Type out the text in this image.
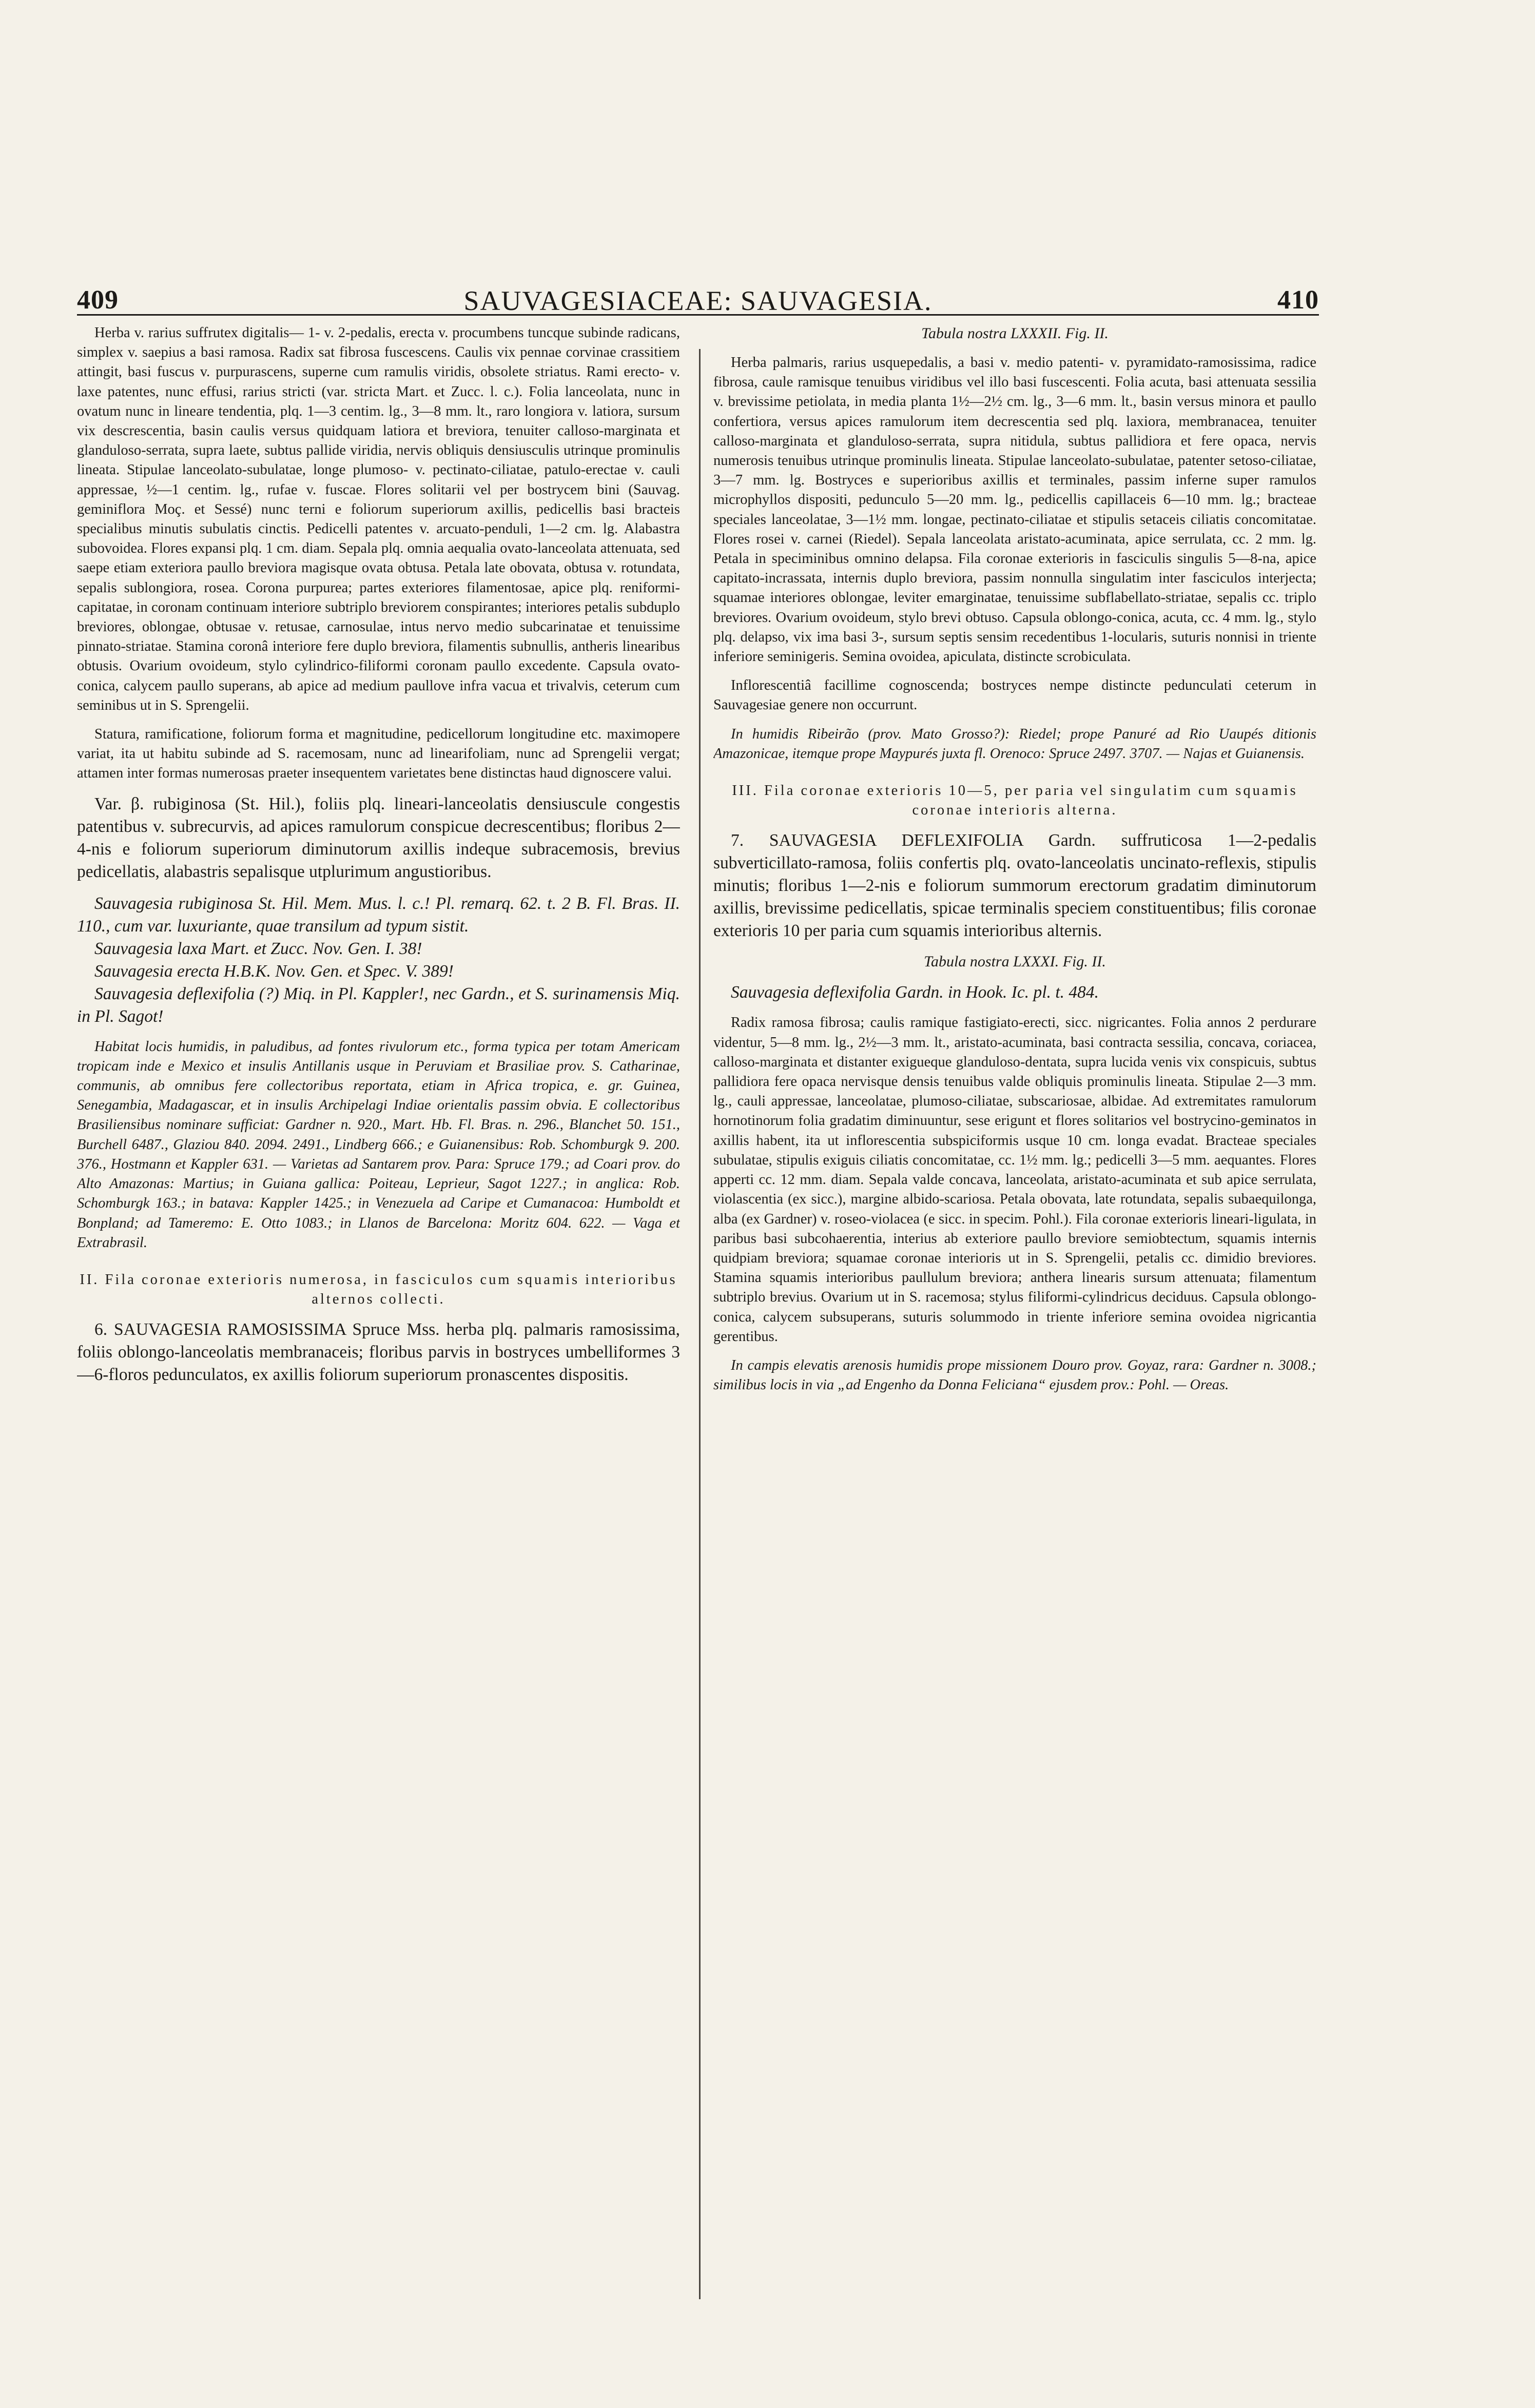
409	SAUVAGESIACEAE: SAUVAGESIA.	410

Herba v. rarius suffrutex digitalis— 1- v. 2-pedalis, erecta v. procumbens tuncque subinde radicans, simplex v. saepius a basi ramosa. Radix sat fibrosa fuscescens. Caulis vix pennae corvinae crassitiem attingit, basi fuscus v. purpurascens, superne cum ramulis viridis, obsolete striatus. Rami erecto- v. laxe patentes, nunc effusi, rarius stricti (var. stricta Mart. et Zucc. l. c.). Folia lanceolata, nunc in ovatum nunc in lineare tendentia, plq. 1—3 centim. lg., 3—8 mm. lt., raro longiora v. latiora, sursum vix descrescentia, basin caulis versus quidquam latiora et breviora, tenuiter calloso-marginata et glanduloso-serrata, supra laete, subtus pallide viridia, nervis obliquis densiusculis utrinque prominulis lineata. Stipulae lanceolato-subulatae, longe plumoso- v. pectinato-ciliatae, patulo-erectae v. cauli appressae, ½—1 centim. lg., rufae v. fuscae. Flores solitarii vel per bostrycem bini (Sauvag. geminiflora Moç. et Sessé) nunc terni e foliorum superiorum axillis, pedicellis basi bracteis specialibus minutis subulatis cinctis. Pedicelli patentes v. arcuato-penduli, 1—2 cm. lg. Alabastra subovoidea. Flores expansi plq. 1 cm. diam. Sepala plq. omnia aequalia ovato-lanceolata attenuata, sed saepe etiam exteriora paullo breviora magisque ovata obtusa. Petala late obovata, obtusa v. rotundata, sepalis sublongiora, rosea. Corona purpurea; partes exteriores filamentosae, apice plq. reniformi-capitatae, in coronam continuam interiore subtriplo breviorem conspirantes; interiores petalis subduplo breviores, oblongae, obtusae v. retusae, carnosulae, intus nervo medio subcarinatae et tenuissime pinnato-striatae. Stamina coronâ interiore fere duplo breviora, filamentis subnullis, antheris linearibus obtusis. Ovarium ovoideum, stylo cylindrico-filiformi coronam paullo excedente. Capsula ovato-conica, calycem paullo superans, ab apice ad medium paullove infra vacua et trivalvis, ceterum cum seminibus ut in S. Sprengelii.

Statura, ramificatione, foliorum forma et magnitudine, pedicellorum longitudine etc. maximopere variat, ita ut habitu subinde ad S. racemosam, nunc ad linearifoliam, nunc ad Sprengelii vergat; attamen inter formas numerosas praeter insequentem varietates bene distinctas haud dignoscere valui.

Var. β. rubiginosa (St. Hil.), foliis plq. lineari-lanceolatis densiuscule congestis patentibus v. subrecurvis, ad apices ramulorum conspicue decrescentibus; floribus 2—4-nis e foliorum superiorum diminutorum axillis indeque subracemosis, brevius pedicellatis, alabastris sepalisque utplurimum angustioribus.

Sauvagesia rubiginosa St. Hil. Mem. Mus. l. c.! Pl. remarq. 62. t. 2 B. Fl. Bras. II. 110., cum var. luxuriante, quae transilum ad typum sistit.

Sauvagesia laxa Mart. et Zucc. Nov. Gen. I. 38!

Sauvagesia erecta H.B.K. Nov. Gen. et Spec. V. 389!

Sauvagesia deflexifolia (?) Miq. in Pl. Kappler!, nec Gardn., et S. surinamensis Miq. in Pl. Sagot!

Habitat locis humidis, in paludibus, ad fontes rivulorum etc., forma typica per totam Americam tropicam inde e Mexico et insulis Antillanis usque in Peruviam et Brasiliae prov. S. Catharinae, communis, ab omnibus fere collectoribus reportata, etiam in Africa tropica, e. gr. Guinea, Senegambia, Madagascar, et in insulis Archipelagi Indiae orientalis passim obvia. E collectoribus Brasiliensibus nominare sufficiat: Gardner n. 920., Mart. Hb. Fl. Bras. n. 296., Blanchet 50. 151., Burchell 6487., Glaziou 840. 2094. 2491., Lindberg 666.; e Guianensibus: Rob. Schomburgk 9. 200. 376., Hostmann et Kappler 631. — Varietas ad Santarem prov. Para: Spruce 179.; ad Coari prov. do Alto Amazonas: Martius; in Guiana gallica: Poiteau, Leprieur, Sagot 1227.; in anglica: Rob. Schomburgk 163.; in batava: Kappler 1425.; in Venezuela ad Caripe et Cumanacoa: Humboldt et Bonpland; ad Tameremo: E. Otto 1083.; in Llanos de Barcelona: Moritz 604. 622. — Vaga et Extrabrasil.

II. Fila coronae exterioris numerosa, in fasciculos cum squamis interioribus alternos collecti.

6. SAUVAGESIA RAMOSISSIMA Spruce Mss. herba plq. palmaris ramosissima, foliis oblongo-lanceolatis membranaceis; floribus parvis in bostryces umbelliformes 3—6-floros pedunculatos, ex axillis foliorum superiorum pronascentes dispositis.

Tabula nostra LXXXII. Fig. II.

Herba palmaris, rarius usquepedalis, a basi v. medio patenti- v. pyramidato-ramosissima, radice fibrosa, caule ramisque tenuibus viridibus vel illo basi fuscescenti. Folia acuta, basi attenuata sessilia v. brevissime petiolata, in media planta 1½—2½ cm. lg., 3—6 mm. lt., basin versus minora et paullo confertiora, versus apices ramulorum item decrescentia sed plq. laxiora, membranacea, tenuiter calloso-marginata et glanduloso-serrata, supra nitidula, subtus pallidiora et fere opaca, nervis numerosis tenuibus utrinque prominulis lineata. Stipulae lanceolato-subulatae, patenter setoso-ciliatae, 3—7 mm. lg. Bostryces e superioribus axillis et terminales, passim inferne super ramulos microphyllos dispositi, pedunculo 5—20 mm. lg., pedicellis capillaceis 6—10 mm. lg.; bracteae speciales lanceolatae, 3—1½ mm. longae, pectinato-ciliatae et stipulis setaceis ciliatis concomitatae. Flores rosei v. carnei (Riedel). Sepala lanceolata aristato-acuminata, apice serrulata, cc. 2 mm. lg. Petala in speciminibus omnino delapsa. Fila coronae exterioris in fasciculis singulis 5—8-na, apice capitato-incrassata, internis duplo breviora, passim nonnulla singulatim inter fasciculos interjecta; squamae interiores oblongae, leviter emarginatae, tenuissime subflabellato-striatae, sepalis cc. triplo breviores. Ovarium ovoideum, stylo brevi obtuso. Capsula oblongo-conica, acuta, cc. 4 mm. lg., stylo plq. delapso, vix ima basi 3-, sursum septis sensim recedentibus 1-locularis, suturis nonnisi in triente inferiore seminigeris. Semina ovoidea, apiculata, distincte scrobiculata.

Inflorescentiâ facillime cognoscenda; bostryces nempe distincte pedunculati ceterum in Sauvagesiae genere non occurrunt.

In humidis Ribeirão (prov. Mato Grosso?): Riedel; prope Panuré ad Rio Uaupés ditionis Amazonicae, itemque prope Maypurés juxta fl. Orenoco: Spruce 2497. 3707. — Najas et Guianensis.

III. Fila coronae exterioris 10—5, per paria vel singulatim cum squamis coronae interioris alterna.

7. SAUVAGESIA DEFLEXIFOLIA Gardn. suffruticosa 1—2-pedalis subverticillato-ramosa, foliis confertis plq. ovato-lanceolatis uncinato-reflexis, stipulis minutis; floribus 1—2-nis e foliorum summorum erectorum gradatim diminutorum axillis, brevissime pedicellatis, spicae terminalis speciem constituentibus; filis coronae exterioris 10 per paria cum squamis interioribus alternis.

Tabula nostra LXXXI. Fig. II.

Sauvagesia deflexifolia Gardn. in Hook. Ic. pl. t. 484.

Radix ramosa fibrosa; caulis ramique fastigiato-erecti, sicc. nigricantes. Folia annos 2 perdurare videntur, 5—8 mm. lg., 2½—3 mm. lt., aristato-acuminata, basi contracta sessilia, concava, coriacea, calloso-marginata et distanter exigueque glanduloso-dentata, supra lucida venis vix conspicuis, subtus pallidiora fere opaca nervisque densis tenuibus valde obliquis prominulis lineata. Stipulae 2—3 mm. lg., cauli appressae, lanceolatae, plumoso-ciliatae, subscariosae, albidae. Ad extremitates ramulorum hornotinorum folia gradatim diminuuntur, sese erigunt et flores solitarios vel bostrycino-geminatos in axillis habent, ita ut inflorescentia subspiciformis usque 10 cm. longa evadat. Bracteae speciales subulatae, stipulis exiguis ciliatis concomitatae, cc. 1½ mm. lg.; pedicelli 3—5 mm. aequantes. Flores apperti cc. 12 mm. diam. Sepala valde concava, lanceolata, aristato-acuminata et sub apice serrulata, violascentia (ex sicc.), margine albido-scariosa. Petala obovata, late rotundata, sepalis subaequilonga, alba (ex Gardner) v. roseo-violacea (e sicc. in specim. Pohl.). Fila coronae exterioris lineari-ligulata, in paribus basi subcohaerentia, interius ab exteriore paullo breviore semiobtectum, squamis internis quidpiam breviora; squamae coronae interioris ut in S. Sprengelii, petalis cc. dimidio breviores. Stamina squamis interioribus paullulum breviora; anthera linearis sursum attenuata; filamentum subtriplo brevius. Ovarium ut in S. racemosa; stylus filiformi-cylindricus deciduus. Capsula oblongo-conica, calycem subsuperans, suturis solummodo in triente inferiore semina ovoidea nigricantia gerentibus.

In campis elevatis arenosis humidis prope missionem Douro prov. Goyaz, rara: Gardner n. 3008.; similibus locis in via „ad Engenho da Donna Feliciana“ ejusdem prov.: Pohl. — Oreas.
